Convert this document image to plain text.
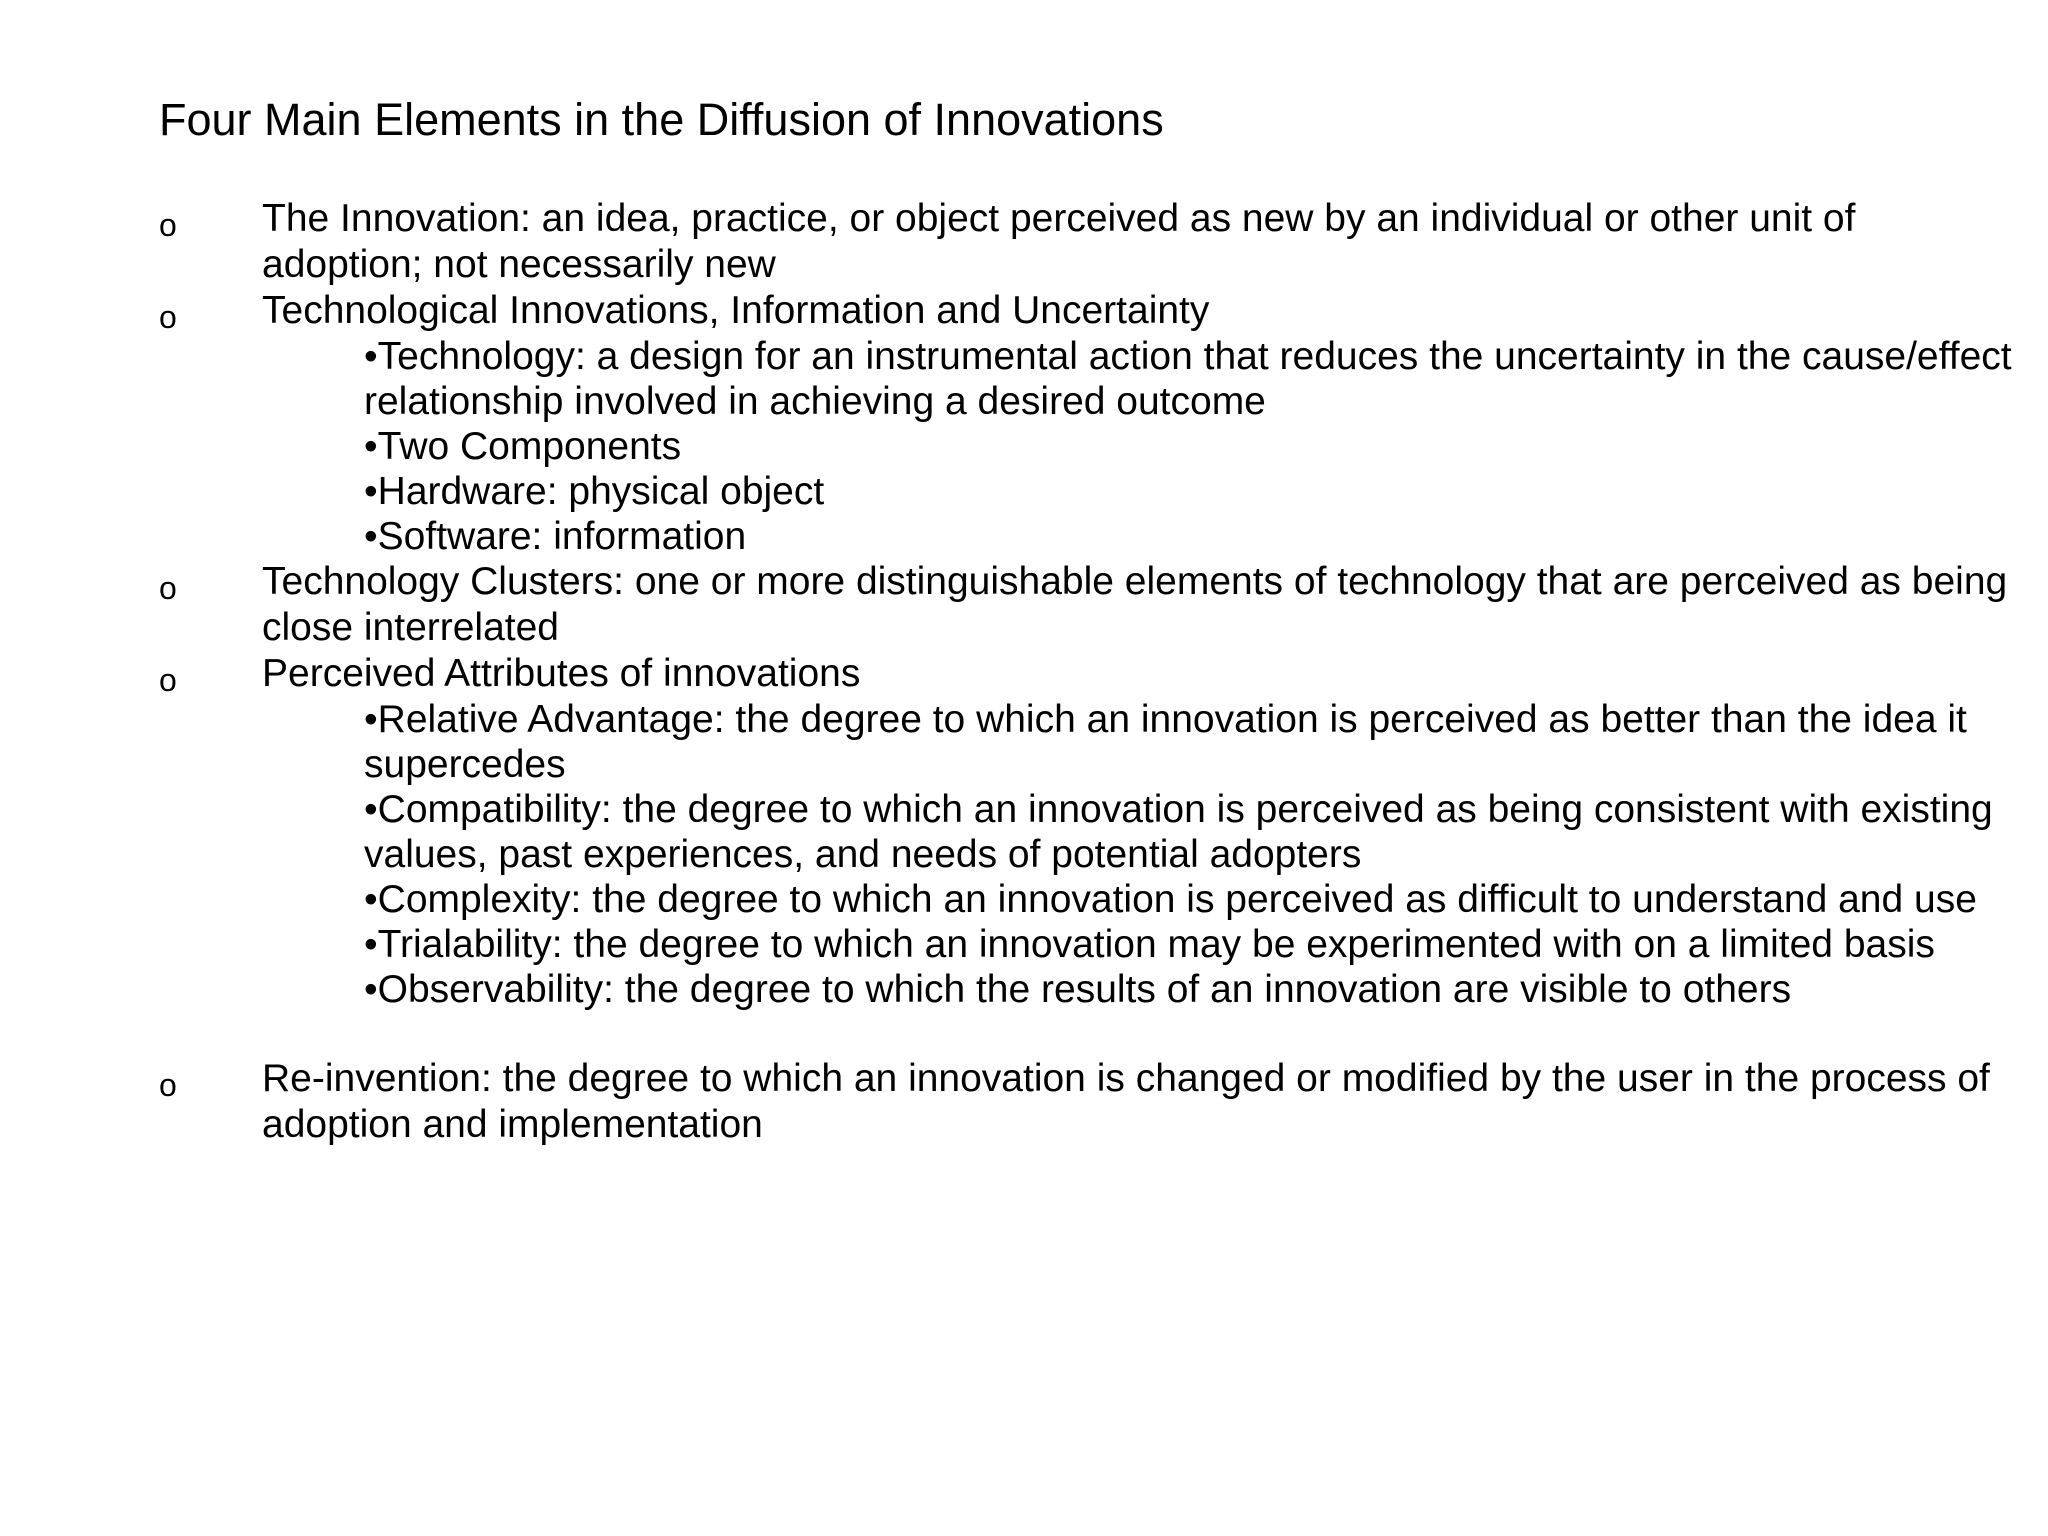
Four Main Elements in the Diffusion of Innovations
o The Innovation: an idea, practice, or object perceived as new by an individual or other unit of adoption; not necessarily new
o Technological Innovations, Information and Uncertainty
•Technology: a design for an instrumental action that reduces the uncertainty in the cause/effect relationship involved in achieving a desired outcome
•Two Components
•Hardware: physical object
•Software: information
o Technology Clusters: one or more distinguishable elements of technology that are perceived as being close interrelated
o Perceived Attributes of innovations
•Relative Advantage: the degree to which an innovation is perceived as better than the idea it supercedes
•Compatibility: the degree to which an innovation is perceived as being consistent with existing values, past experiences, and needs of potential adopters
•Complexity: the degree to which an innovation is perceived as difficult to understand and use
•Trialability: the degree to which an innovation may be experimented with on a limited basis
•Observability: the degree to which the results of an innovation are visible to others
o Re-invention: the degree to which an innovation is changed or modified by the user in the process of adoption and implementation
